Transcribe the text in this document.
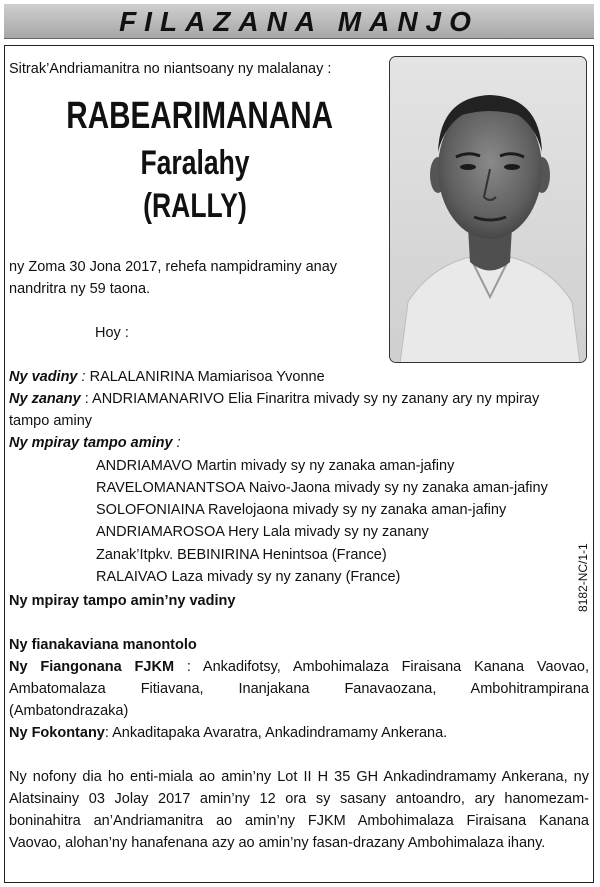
FILAZANA MANJO
Sitrak’Andriamanitra no niantsoany ny malalanay :
RABEARIMANANA
Faralahy
(RALLY)
ny Zoma 30 Jona 2017, rehefa nampidraminy anay
nandritra ny 59 taona.
Hoy :
Ny vadiny : RALALANIRINA Mamiarisoa Yvonne
Ny zanany : ANDRIAMANARIVO Elia Finaritra mivady sy ny zanany ary ny mpiray
tampo aminy
Ny mpiray tampo aminy :
ANDRIAMAVO Martin mivady sy ny zanaka aman-jafiny
RAVELOMANANTSOA Naivo-Jaona mivady sy ny zanaka aman-jafiny
SOLOFONIAINA Ravelojaona mivady sy ny zanaka aman-jafiny
ANDRIAMAROSOA Hery Lala mivady sy ny zanany
Zanak’Itpkv. BEBINIRINA Henintsoa (France)
RALAIVAO Laza mivady sy ny zanany (France)
Ny mpiray tampo amin’ny vadiny
Ny fianakaviana manontolo
Ny Fiangonana FJKM : Ankadifotsy, Ambohimalaza Firaisana Kanana Vaovao,
Ambatomalaza Fitiavana, Inanjakana Fanavaozana, Ambohitrampirana
(Ambatondrazaka)
Ny Fokontany: Ankaditapaka Avaratra, Ankadindramamy Ankerana.
Ny nofony dia ho enti-miala ao amin’ny Lot II H 35 GH Ankadindramamy Ankerana, ny
Alatsinainy 03 Jolay 2017 amin’ny 12 ora sy sasany antoandro, ary hanomezam-
boninahitra an’Andriamanitra ao amin’ny FJKM Ambohimalaza Firaisana Kanana
Vaovao, alohan’ny hanafenana azy ao amin’ny fasan-drazany Ambohimalaza ihany.
8182-NC/1-1
